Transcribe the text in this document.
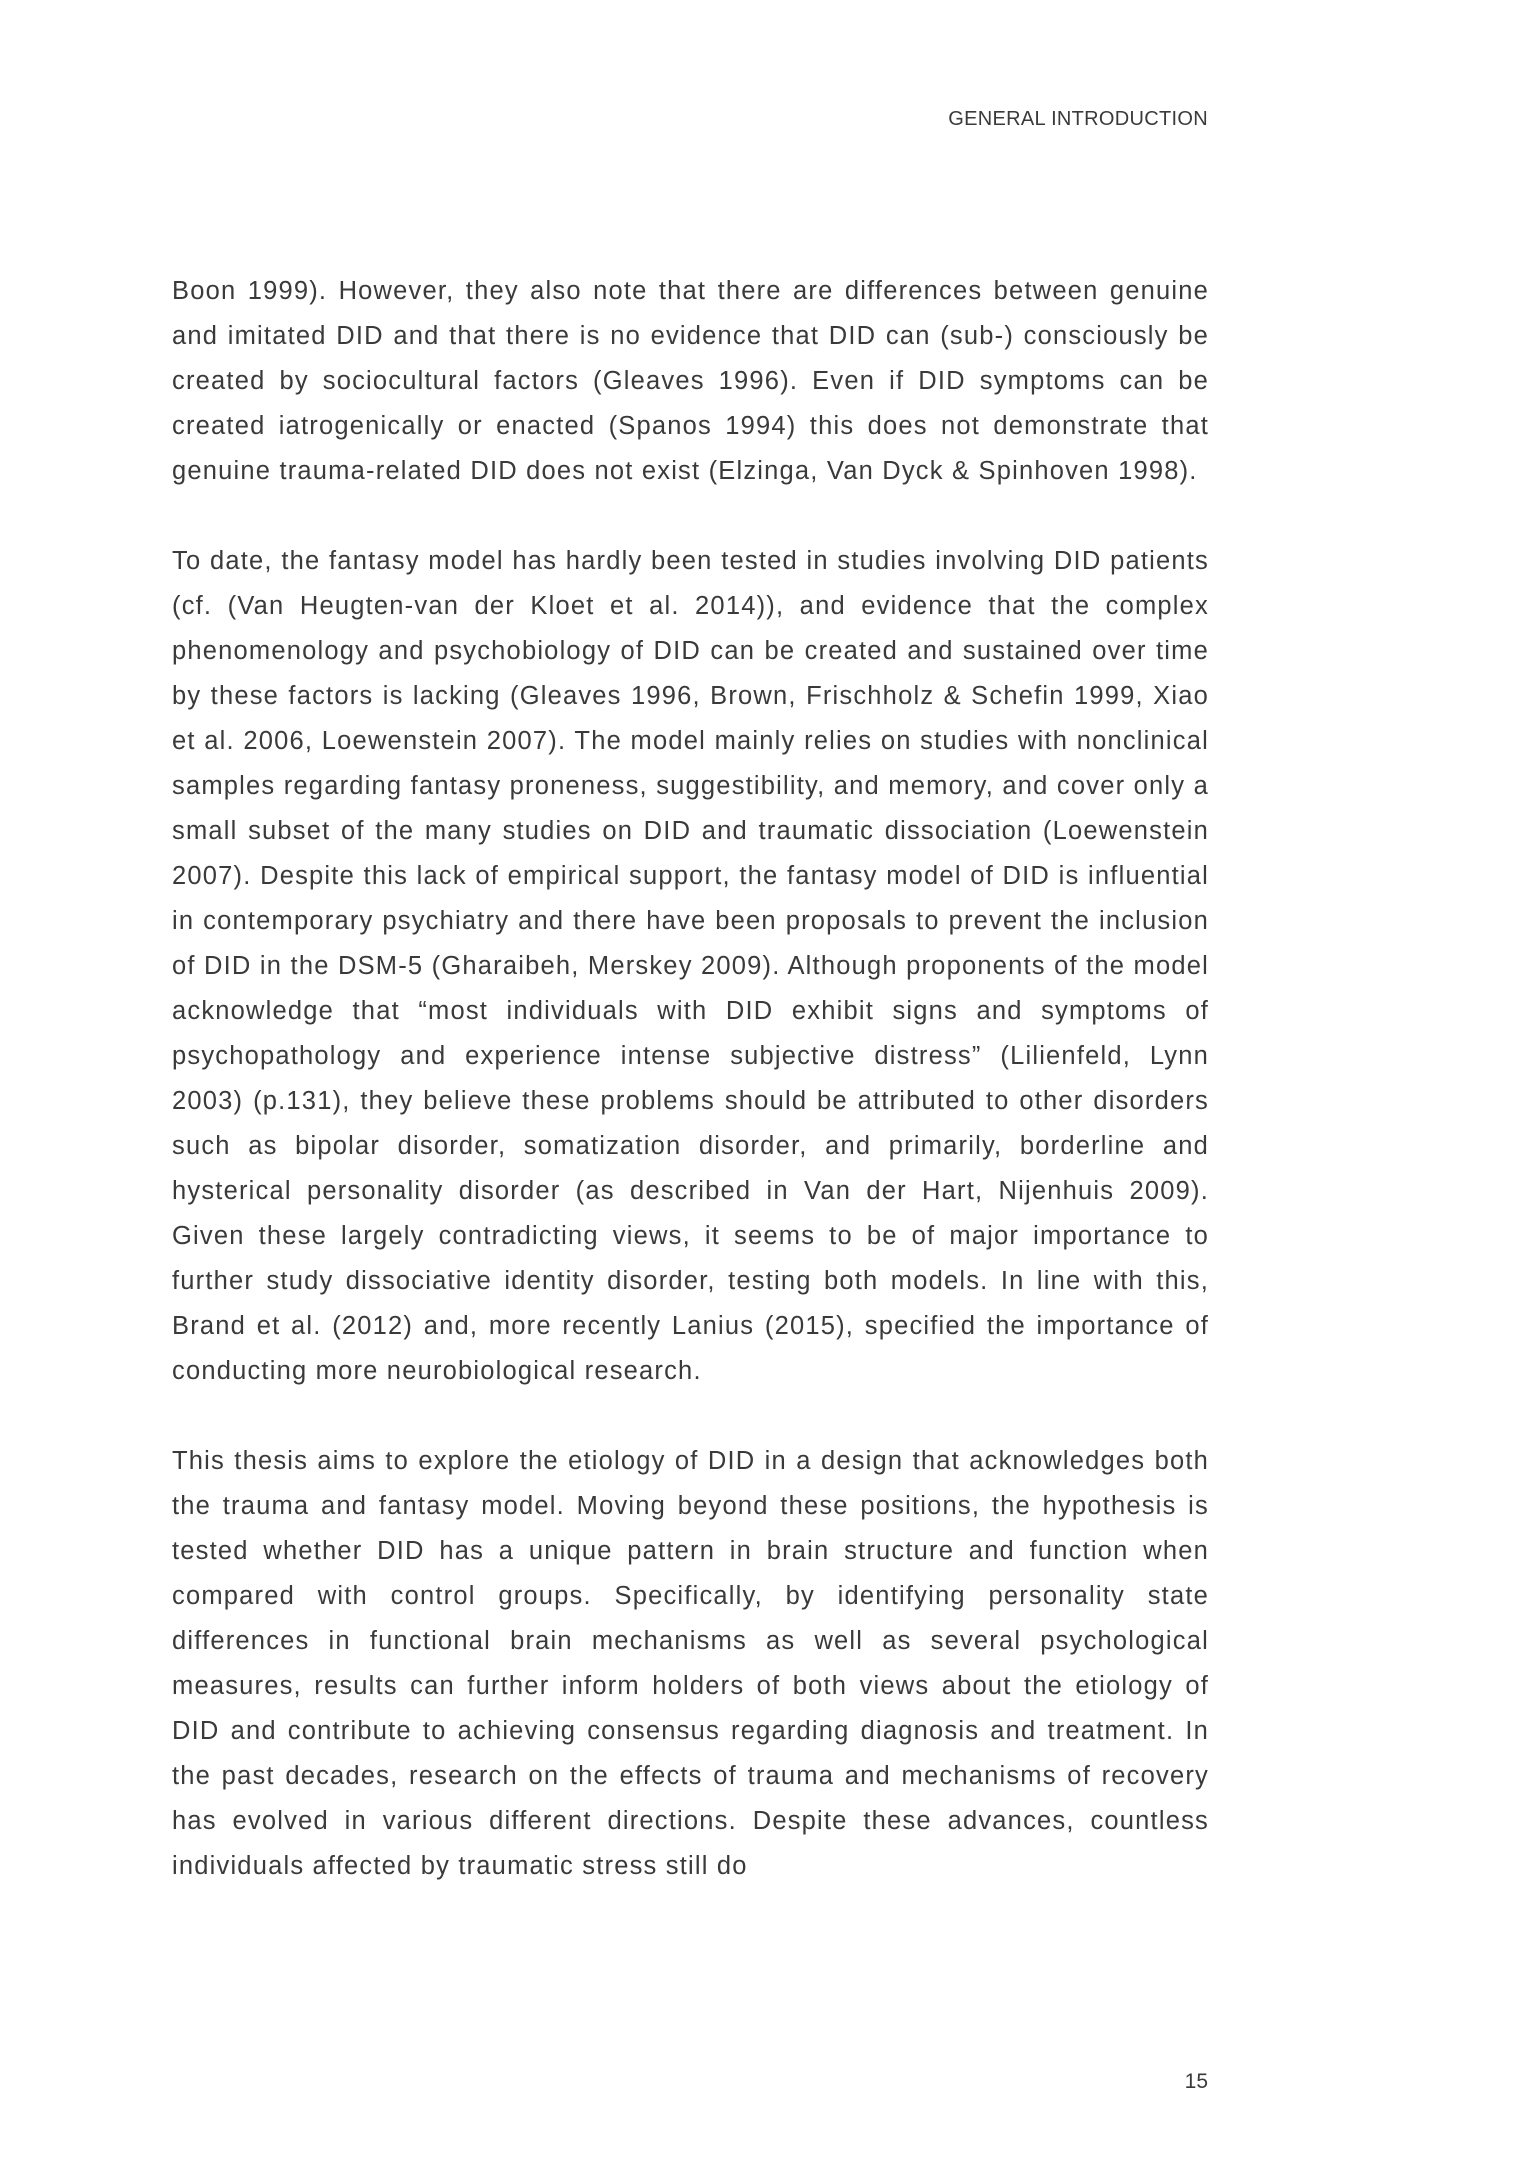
GENERAL INTRODUCTION

Boon 1999). However, they also note that there are differences between genuine and imitated DID and that there is no evidence that DID can (sub-) consciously be created by sociocultural factors (Gleaves 1996). Even if DID symptoms can be created iatrogenically or enacted (Spanos 1994) this does not demonstrate that genuine trauma-related DID does not exist (Elzinga, Van Dyck & Spinhoven 1998).

To date, the fantasy model has hardly been tested in studies involving DID patients (cf. (Van Heugten-van der Kloet et al. 2014)), and evidence that the complex phenomenology and psychobiology of DID can be created and sustained over time by these factors is lacking (Gleaves 1996, Brown, Frischholz & Schefin 1999, Xiao et al. 2006, Loewenstein 2007). The model mainly relies on studies with nonclinical samples regarding fantasy proneness, suggestibility, and memory, and cover only a small subset of the many studies on DID and traumatic dissociation (Loewenstein 2007). Despite this lack of empirical support, the fantasy model of DID is influential in contemporary psychiatry and there have been proposals to prevent the inclusion of DID in the DSM-5 (Gharaibeh, Merskey 2009). Although proponents of the model acknowledge that “most individuals with DID exhibit signs and symptoms of psychopathology and experience intense subjective distress” (Lilienfeld, Lynn 2003) (p.131), they believe these problems should be attributed to other disorders such as bipolar disorder, somatization disorder, and primarily, borderline and hysterical personality disorder (as described in Van der Hart, Nijenhuis 2009). Given these largely contradicting views, it seems to be of major importance to further study dissociative identity disorder, testing both models. In line with this, Brand et al. (2012) and, more recently Lanius (2015), specified the importance of conducting more neurobiological research.

This thesis aims to explore the etiology of DID in a design that acknowledges both the trauma and fantasy model. Moving beyond these positions, the hypothesis is tested whether DID has a unique pattern in brain structure and function when compared with control groups. Specifically, by identifying personality state differences in functional brain mechanisms as well as several psychological measures, results can further inform holders of both views about the etiology of DID and contribute to achieving consensus regarding diagnosis and treatment. In the past decades, research on the effects of trauma and mechanisms of recovery has evolved in various different directions. Despite these advances, countless individuals affected by traumatic stress still do

15
